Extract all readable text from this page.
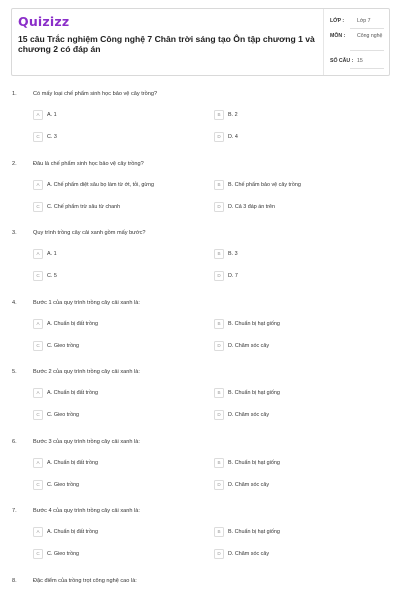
Quizizz
15 câu Trắc nghiệm Công nghệ 7 Chân trời sáng tạo Ôn tập chương 1 và chương 2 có đáp án
LỚP : Lớp 7
MÔN : Công nghệ
SỐ CÂU : 15
1.	Có mấy loại chế phẩm sinh học bảo vệ cây trồng?
A	A. 1	B	B. 2
C	C. 3	D	D. 4
2.	Đâu là chế phẩm sinh học bảo vệ cây trồng?
A	A. Chế phẩm diệt sâu bọ làm từ ớt, tỏi, gừng	B	B. Chế phẩm bảo vệ cây trồng
C	C. Chế phẩm trừ sâu từ chanh	D	D. Cả 3 đáp án trên
3.	Quy trình trồng cây cải xanh gồm mấy bước?
A	A. 1	B	B. 3
C	C. 5	D	D. 7
4.	Bước 1 của quy trình trồng cây cải xanh là:
A	A. Chuẩn bị đất trồng	B	B. Chuẩn bị hạt giống
C	C. Gieo trồng	D	D. Chăm sóc cây
5.	Bước 2 của quy trình trồng cây cải xanh là:
A	A. Chuẩn bị đất trồng	B	B. Chuẩn bị hạt giống
C	C. Gieo trồng	D	D. Chăm sóc cây
6.	Bước 3 của quy trình trồng cây cải xanh là:
A	A. Chuẩn bị đất trồng	B	B. Chuẩn bị hạt giống
C	C. Gieo trồng	D	D. Chăm sóc cây
7.	Bước 4 của quy trình trồng cây cải xanh là:
A	A. Chuẩn bị đất trồng	B	B. Chuẩn bị hạt giống
C	C. Gieo trồng	D	D. Chăm sóc cây
8.	Đặc điểm của trồng trọt công nghệ cao là:
